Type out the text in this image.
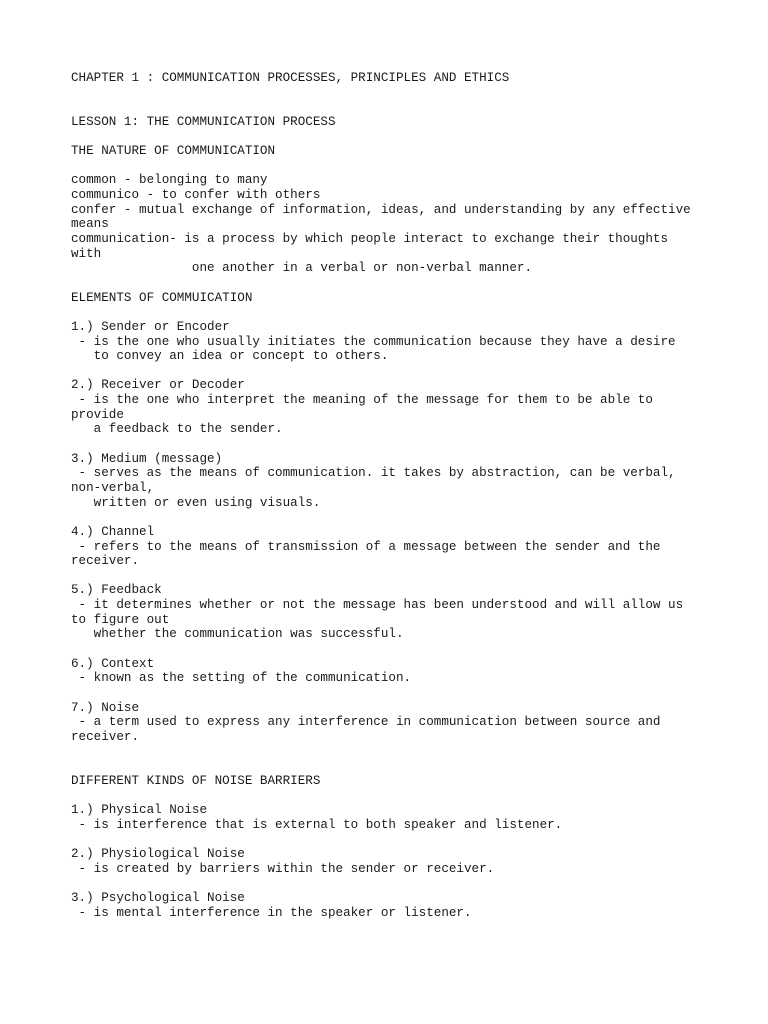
CHAPTER 1 : COMMUNICATION PROCESSES, PRINCIPLES AND ETHICS
LESSON 1: THE COMMUNICATION PROCESS
THE NATURE OF COMMUNICATION
common - belonging to many
communico - to confer with others
confer - mutual exchange of information, ideas, and understanding by any effective
means
communication- is a process by which people interact to exchange their thoughts
with
one another in a verbal or non-verbal manner.
ELEMENTS OF COMMUICATION
1.) Sender or Encoder
- is the one who usually initiates the communication because they have a desire
to convey an idea or concept to others.
2.) Receiver or Decoder
- is the one who interpret the meaning of the message for them to be able to
provide
a feedback to the sender.
3.) Medium (message)
- serves as the means of communication. it takes by abstraction, can be verbal,
non-verbal,
written or even using visuals.
4.) Channel
- refers to the means of transmission of a message between the sender and the
receiver.
5.) Feedback
- it determines whether or not the message has been understood and will allow us
to figure out
whether the communication was successful.
6.) Context
- known as the setting of the communication.
7.) Noise
- a term used to express any interference in communication between source and
receiver.
DIFFERENT KINDS OF NOISE BARRIERS
1.) Physical Noise
- is interference that is external to both speaker and listener.
2.) Physiological Noise
- is created by barriers within the sender or receiver.
3.) Psychological Noise
- is mental interference in the speaker or listener.
